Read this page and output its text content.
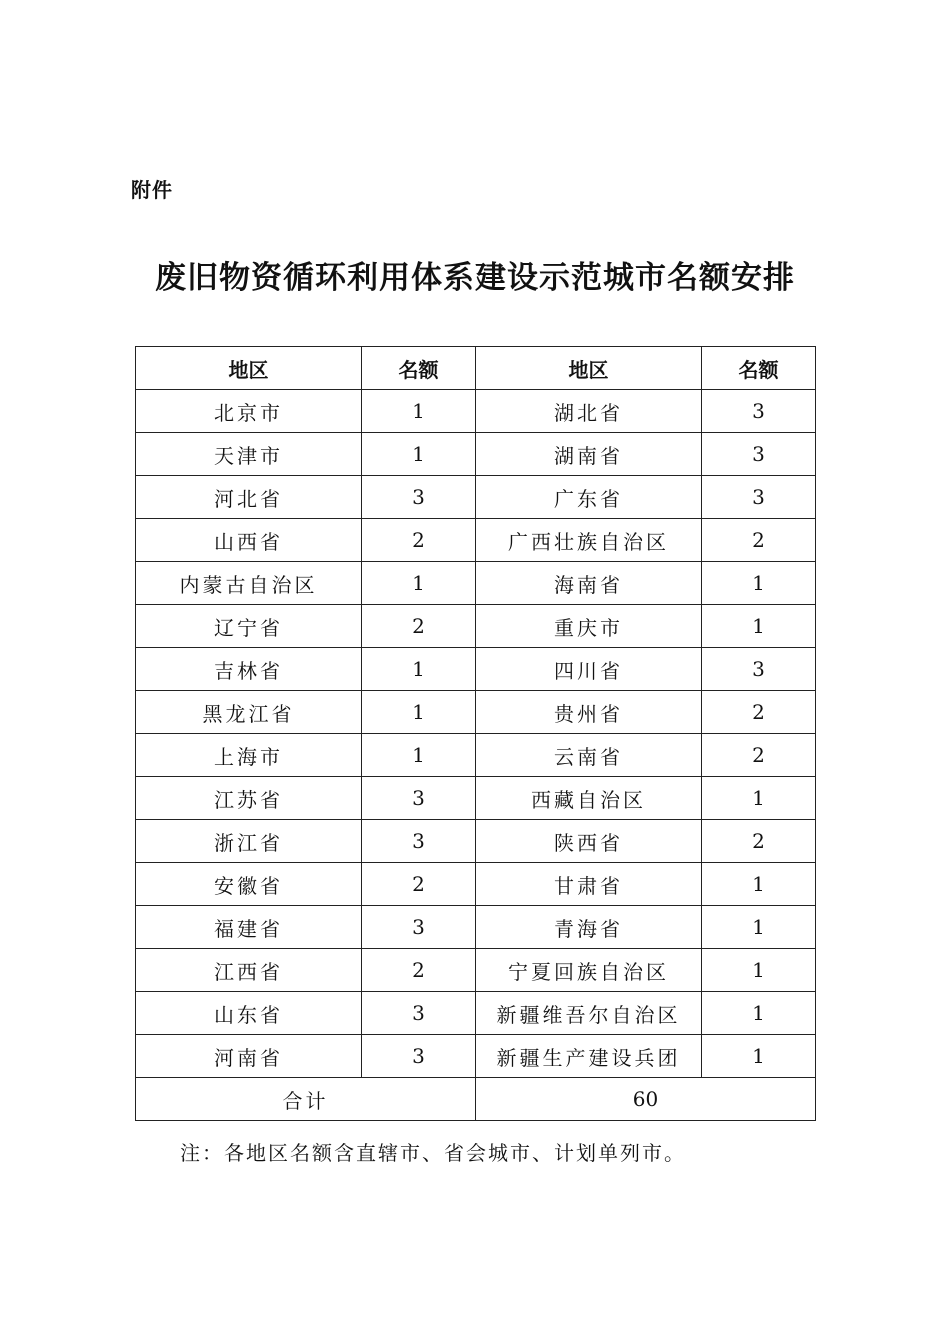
附件
废旧物资循环利用体系建设示范城市名额安排
地区	名额	地区	名额
北京市	1	湖北省	3
天津市	1	湖南省	3
河北省	3	广东省	3
山西省	2	广西壮族自治区	2
内蒙古自治区	1	海南省	1
辽宁省	2	重庆市	1
吉林省	1	四川省	3
黑龙江省	1	贵州省	2
上海市	1	云南省	2
江苏省	3	西藏自治区	1
浙江省	3	陕西省	2
安徽省	2	甘肃省	1
福建省	3	青海省	1
江西省	2	宁夏回族自治区	1
山东省	3	新疆维吾尔自治区	1
河南省	3	新疆生产建设兵团	1
合计		60	
注：各地区名额含直辖市、省会城市、计划单列市。
